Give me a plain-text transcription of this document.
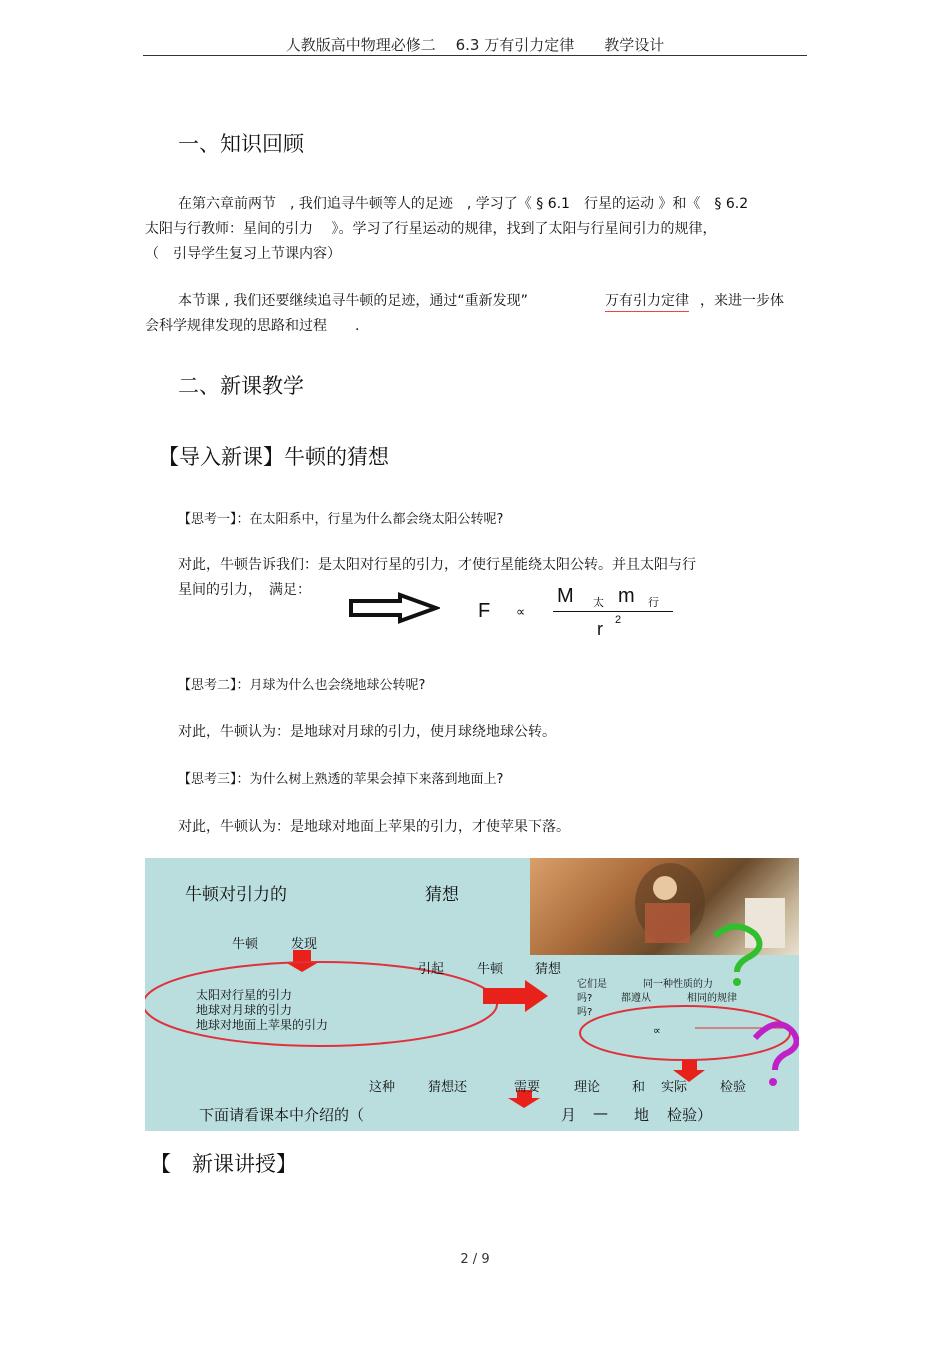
人教版高中物理必修二　 6.3 万有引力定律　　教学设计
一、知识回顾
在第六章前两节　, 我们追寻牛顿等人的足迹　, 学习了《 § 6.1　行星的运动 》和《　§ 6.2
太阳与行教师：星间的引力　 》。学习了行星运动的规律，找到了太阳与行星间引力的规律，
（　引导学生复习上节课内容）
本节课 , 我们还要继续追寻牛顿的足迹，通过“重新发现”	万有引力定律 ，来进一步体
会科学规律发现的思路和过程　　.
二、新课教学
【导入新课】牛顿的猜想
【思考一】：在太阳系中，行星为什么都会绕太阳公转呢?
对此，牛顿告诉我们：是太阳对行星的引力，才使行星能绕太阳公转。并且太阳与行
星间的引力，　满足：
F ∝
M 太 m 行
r 2
【思考二】：月球为什么也会绕地球公转呢?
对此，牛顿认为：是地球对月球的引力，使月球绕地球公转。
【思考三】：为什么树上熟透的苹果会掉下来落到地面上?
对此，牛顿认为：是地球对地面上苹果的引力，才使苹果下落。
牛顿对引力的	猜想
牛顿	发现
太阳对行星的引力
地球对月球的引力
地球对地面上苹果的引力
引起	牛顿 猜想
它们是
吗?
吗?
同一种性质的力
都遵从	相同的规律
∝
这种	猜想还	需要	理论 和 实际	检验
下面请看课本中介绍的（	月 — 地 检验）
【　新课讲授】
2 / 9
